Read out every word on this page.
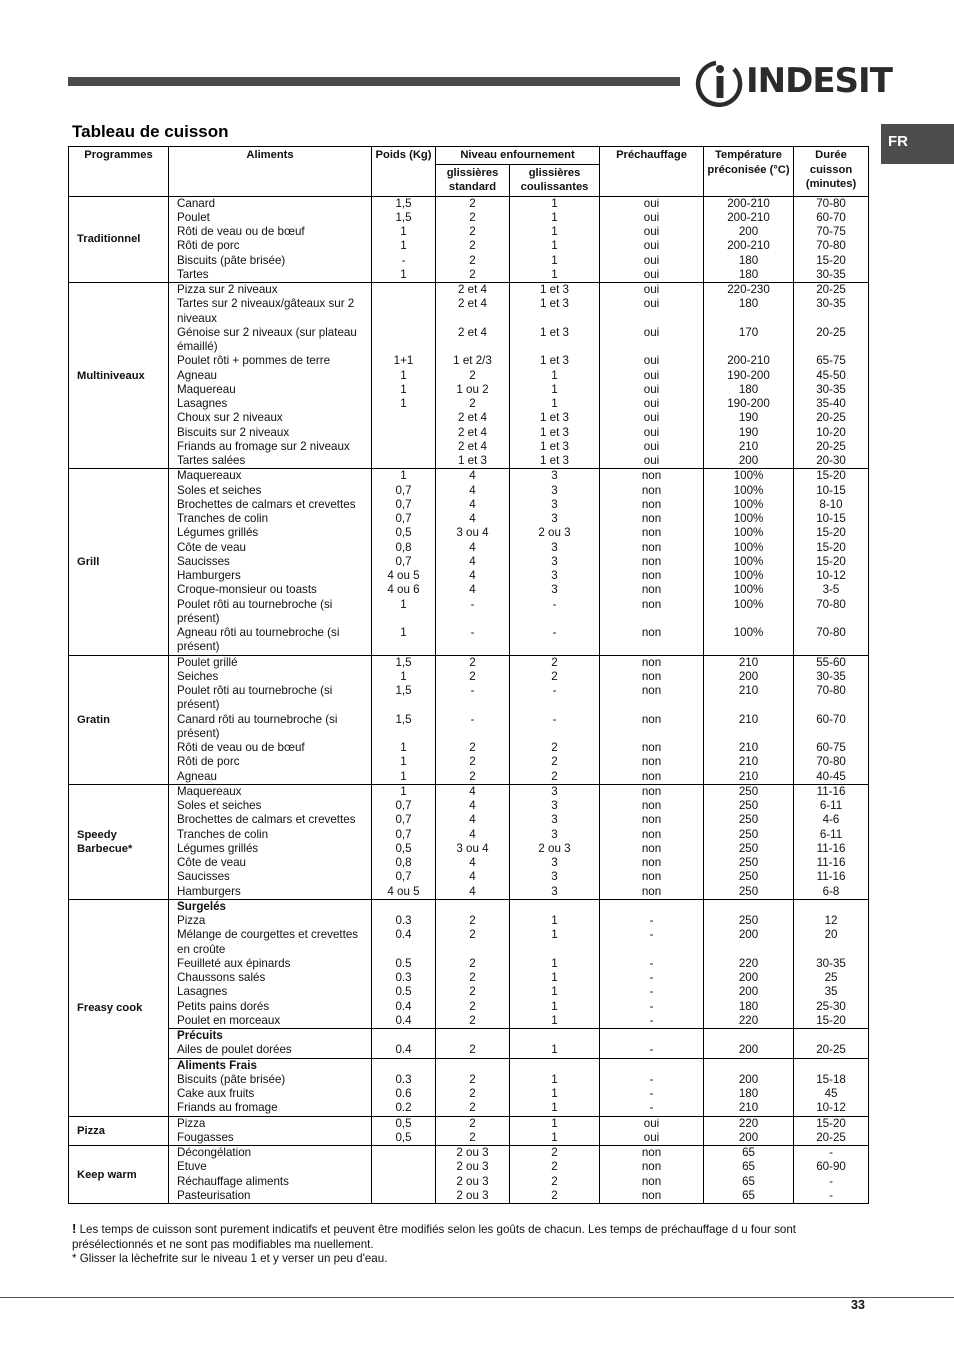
INDESIT
FR
Tableau de cuisson
Programmes	Aliments	Poids (Kg)	Niveau enfournement		Préchauffage	Température préconisée (°C)	Durée cuisson (minutes)
			glissières standard	glissières coulissantes			
Traditionnel	Canard	1,5	2	1	oui	200-210	70-80
	Poulet	1,5	2	1	oui	200-210	60-70
	Rôti de veau ou de bœuf	1	2	1	oui	200	70-75
	Rôti de porc	1	2	1	oui	200-210	70-80
	Biscuits (pâte brisée)	-	2	1	oui	180	15-20
	Tartes	1	2	1	oui	180	30-35
Multiniveaux	Pizza sur 2 niveaux		2 et 4	1 et 3	oui	220-230	20-25
	Tartes sur 2 niveaux/gâteaux sur 2 niveaux		2 et 4	1 et 3	oui	180	30-35
	Génoise sur 2 niveaux (sur plateau émaillé)		2 et 4	1 et 3	oui	170	20-25
	Poulet rôti + pommes de terre	1+1	1 et 2/3	1 et 3	oui	200-210	65-75
	Agneau	1	2	1	oui	190-200	45-50
	Maquereau	1	1 ou 2	1	oui	180	30-35
	Lasagnes	1	2	1	oui	190-200	35-40
	Choux sur 2 niveaux		2 et 4	1 et 3	oui	190	20-25
	Biscuits sur 2 niveaux		2 et 4	1 et 3	oui	190	10-20
	Friands au fromage sur 2 niveaux		2 et 4	1 et 3	oui	210	20-25
	Tartes salées		1 et 3	1 et 3	oui	200	20-30
Grill	Maquereaux	1	4	3	non	100%	15-20
	Soles et seiches	0,7	4	3	non	100%	10-15
	Brochettes de calmars et crevettes	0,7	4	3	non	100%	8-10
	Tranches de colin	0,7	4	3	non	100%	10-15
	Légumes grillés	0,5	3 ou 4	2 ou 3	non	100%	15-20
	Côte de veau	0,8	4	3	non	100%	15-20
	Saucisses	0,7	4	3	non	100%	15-20
	Hamburgers	4 ou 5	4	3	non	100%	10-12
	Croque-monsieur ou toasts	4 ou 6	4	3	non	100%	3-5
	Poulet rôti au tournebroche (si présent)	1	-	-	non	100%	70-80
	Agneau rôti au tournebroche (si présent)	1	-	-	non	100%	70-80
Gratin	Poulet grillé	1,5	2	2	non	210	55-60
	Seiches	1	2	2	non	200	30-35
	Poulet rôti au tournebroche (si présent)	1,5	-	-	non	210	70-80
	Canard rôti au tournebroche (si présent)	1,5	-	-	non	210	60-70
	Rôti de veau ou de bœuf	1	2	2	non	210	60-75
	Rôti de porc	1	2	2	non	210	70-80
	Agneau	1	2	2	non	210	40-45
Speedy Barbecue*	Maquereaux	1	4	3	non	250	11-16
	Soles et seiches	0,7	4	3	non	250	6-11
	Brochettes de calmars et crevettes	0,7	4	3	non	250	4-6
	Tranches de colin	0,7	4	3	non	250	6-11
	Légumes grillés	0,5	3 ou 4	2 ou 3	non	250	11-16
	Côte de veau	0,8	4	3	non	250	11-16
	Saucisses	0,7	4	3	non	250	11-16
	Hamburgers	4 ou 5	4	3	non	250	6-8
Freasy cook	Surgelés						
	Pizza	0.3	2	1	-	250	12
	Mélange de courgettes et crevettes en croûte	0.4	2	1	-	200	20
	Feuilleté aux épinards	0.5	2	1	-	220	30-35
	Chaussons salés	0.3	2	1	-	200	25
	Lasagnes	0.5	2	1	-	200	35
	Petits pains dorés	0.4	2	1	-	180	25-30
	Poulet en morceaux	0.4	2	1	-	220	15-20
	Précuits						
	Ailes de poulet dorées	0.4	2	1	-	200	20-25
	Aliments Frais						
	Biscuits (pâte brisée)	0.3	2	1	-	200	15-18
	Cake aux fruits	0.6	2	1	-	180	45
	Friands au fromage	0.2	2	1	-	210	10-12
Pizza	Pizza	0,5	2	1	oui	220	15-20
	Fougasses	0,5	2	1	oui	200	20-25
Keep warm	Décongélation		2 ou 3	2	non	65	-
	Etuve		2 ou 3	2	non	65	60-90
	Réchauffage aliments		2 ou 3	2	non	65	-
	Pasteurisation		2 ou 3	2	non	65	-
! Les temps de cuisson sont purement indicatifs et peuvent être modifiés selon les goûts de chacun. Les temps de préchauffage d u four sont présélectionnés et ne sont pas modifiables ma nuellement.
* Glisser la lèchefrite sur le niveau 1 et y verser un peu d'eau.
33
